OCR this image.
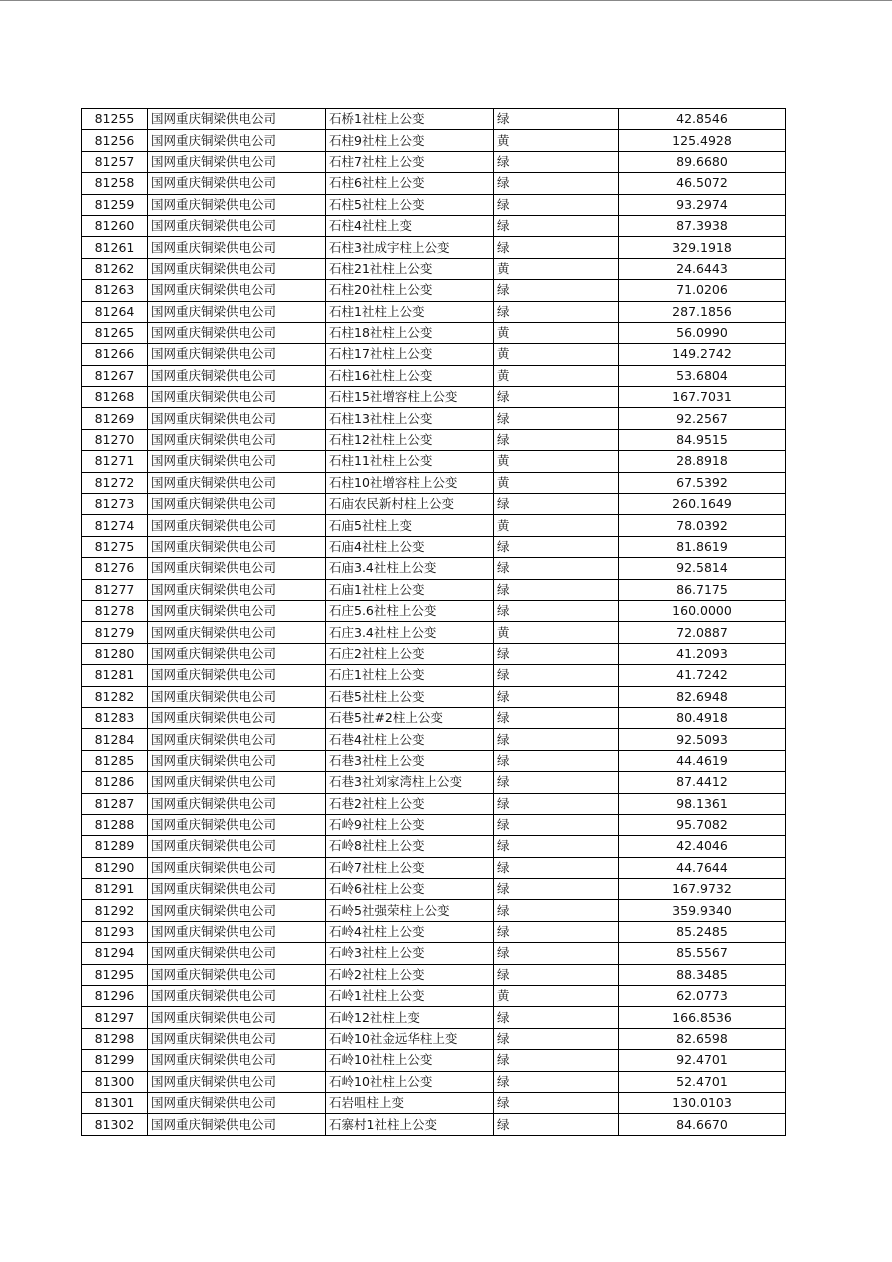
81255	国网重庆铜梁供电公司	石桥1社柱上公变	绿	42.8546
81256	国网重庆铜梁供电公司	石柱9社柱上公变	黄	125.4928
81257	国网重庆铜梁供电公司	石柱7社柱上公变	绿	89.6680
81258	国网重庆铜梁供电公司	石柱6社柱上公变	绿	46.5072
81259	国网重庆铜梁供电公司	石柱5社柱上公变	绿	93.2974
81260	国网重庆铜梁供电公司	石柱4社柱上变	绿	87.3938
81261	国网重庆铜梁供电公司	石柱3社成宇柱上公变	绿	329.1918
81262	国网重庆铜梁供电公司	石柱21社柱上公变	黄	24.6443
81263	国网重庆铜梁供电公司	石柱20社柱上公变	绿	71.0206
81264	国网重庆铜梁供电公司	石柱1社柱上公变	绿	287.1856
81265	国网重庆铜梁供电公司	石柱18社柱上公变	黄	56.0990
81266	国网重庆铜梁供电公司	石柱17社柱上公变	黄	149.2742
81267	国网重庆铜梁供电公司	石柱16社柱上公变	黄	53.6804
81268	国网重庆铜梁供电公司	石柱15社增容柱上公变	绿	167.7031
81269	国网重庆铜梁供电公司	石柱13社柱上公变	绿	92.2567
81270	国网重庆铜梁供电公司	石柱12社柱上公变	绿	84.9515
81271	国网重庆铜梁供电公司	石柱11社柱上公变	黄	28.8918
81272	国网重庆铜梁供电公司	石柱10社增容柱上公变	黄	67.5392
81273	国网重庆铜梁供电公司	石庙农民新村柱上公变	绿	260.1649
81274	国网重庆铜梁供电公司	石庙5社柱上变	黄	78.0392
81275	国网重庆铜梁供电公司	石庙4社柱上公变	绿	81.8619
81276	国网重庆铜梁供电公司	石庙3.4社柱上公变	绿	92.5814
81277	国网重庆铜梁供电公司	石庙1社柱上公变	绿	86.7175
81278	国网重庆铜梁供电公司	石庄5.6社柱上公变	绿	160.0000
81279	国网重庆铜梁供电公司	石庄3.4社柱上公变	黄	72.0887
81280	国网重庆铜梁供电公司	石庄2社柱上公变	绿	41.2093
81281	国网重庆铜梁供电公司	石庄1社柱上公变	绿	41.7242
81282	国网重庆铜梁供电公司	石巷5社柱上公变	绿	82.6948
81283	国网重庆铜梁供电公司	石巷5社#2柱上公变	绿	80.4918
81284	国网重庆铜梁供电公司	石巷4社柱上公变	绿	92.5093
81285	国网重庆铜梁供电公司	石巷3社柱上公变	绿	44.4619
81286	国网重庆铜梁供电公司	石巷3社刘家湾柱上公变	绿	87.4412
81287	国网重庆铜梁供电公司	石巷2社柱上公变	绿	98.1361
81288	国网重庆铜梁供电公司	石岭9社柱上公变	绿	95.7082
81289	国网重庆铜梁供电公司	石岭8社柱上公变	绿	42.4046
81290	国网重庆铜梁供电公司	石岭7社柱上公变	绿	44.7644
81291	国网重庆铜梁供电公司	石岭6社柱上公变	绿	167.9732
81292	国网重庆铜梁供电公司	石岭5社强荣柱上公变	绿	359.9340
81293	国网重庆铜梁供电公司	石岭4社柱上公变	绿	85.2485
81294	国网重庆铜梁供电公司	石岭3社柱上公变	绿	85.5567
81295	国网重庆铜梁供电公司	石岭2社柱上公变	绿	88.3485
81296	国网重庆铜梁供电公司	石岭1社柱上公变	黄	62.0773
81297	国网重庆铜梁供电公司	石岭12社柱上变	绿	166.8536
81298	国网重庆铜梁供电公司	石岭10社金远华柱上变	绿	82.6598
81299	国网重庆铜梁供电公司	石岭10社柱上公变	绿	92.4701
81300	国网重庆铜梁供电公司	石岭10社柱上公变	绿	52.4701
81301	国网重庆铜梁供电公司	石岩咀柱上变	绿	130.0103
81302	国网重庆铜梁供电公司	石寨村1社柱上公变	绿	84.6670
